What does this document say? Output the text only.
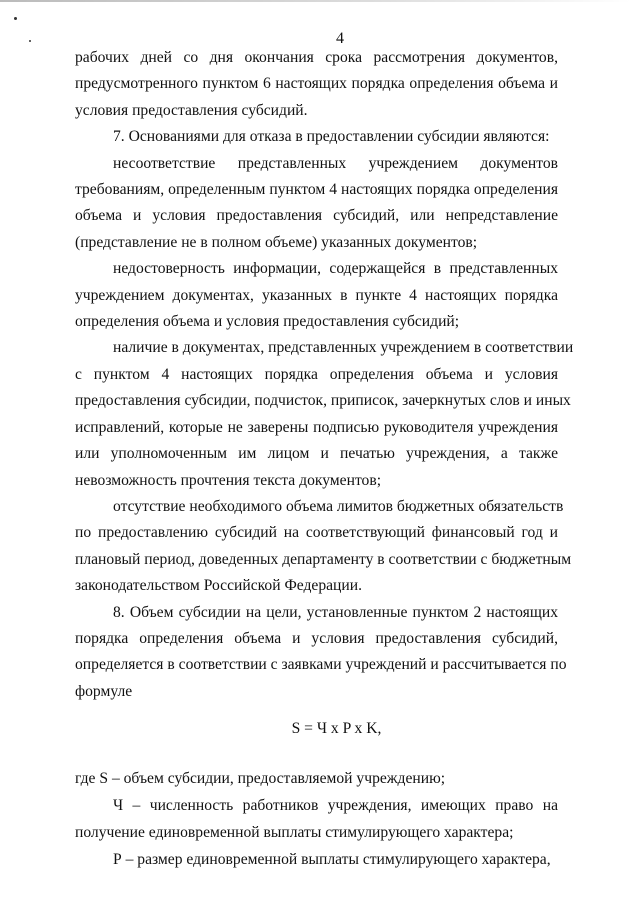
4
рабочих дней со дня окончания срока рассмотрения документов,
предусмотренного пунктом 6 настоящих порядка определения объема и
условия предоставления субсидий.
7. Основаниями для отказа в предоставлении субсидии являются:
несоответствие представленных учреждением документов
требованиям, определенным пунктом 4 настоящих порядка определения
объема и условия предоставления субсидий, или непредставление
(представление не в полном объеме) указанных документов;
недостоверность информации, содержащейся в представленных
учреждением документах, указанных в пункте 4 настоящих порядка
определения объема и условия предоставления субсидий;
наличие в документах, представленных учреждением в соответствии
с пунктом 4 настоящих порядка определения объема и условия
предоставления субсидии, подчисток, приписок, зачеркнутых слов и иных
исправлений, которые не заверены подписью руководителя учреждения
или уполномоченным им лицом и печатью учреждения, а также
невозможность прочтения текста документов;
отсутствие необходимого объема лимитов бюджетных обязательств
по предоставлению субсидий на соответствующий финансовый год и
плановый период, доведенных департаменту в соответствии с бюджетным
законодательством Российской Федерации.
8. Объем субсидии на цели, установленные пунктом 2 настоящих
порядка определения объема и условия предоставления субсидий,
определяется в соответствии с заявками учреждений и рассчитывается по
формуле
S = Ч x P x K,
где S – объем субсидии, предоставляемой учреждению;
Ч – численность работников учреждения, имеющих право на
получение единовременной выплаты стимулирующего характера;
Р – размер единовременной выплаты стимулирующего характера,
